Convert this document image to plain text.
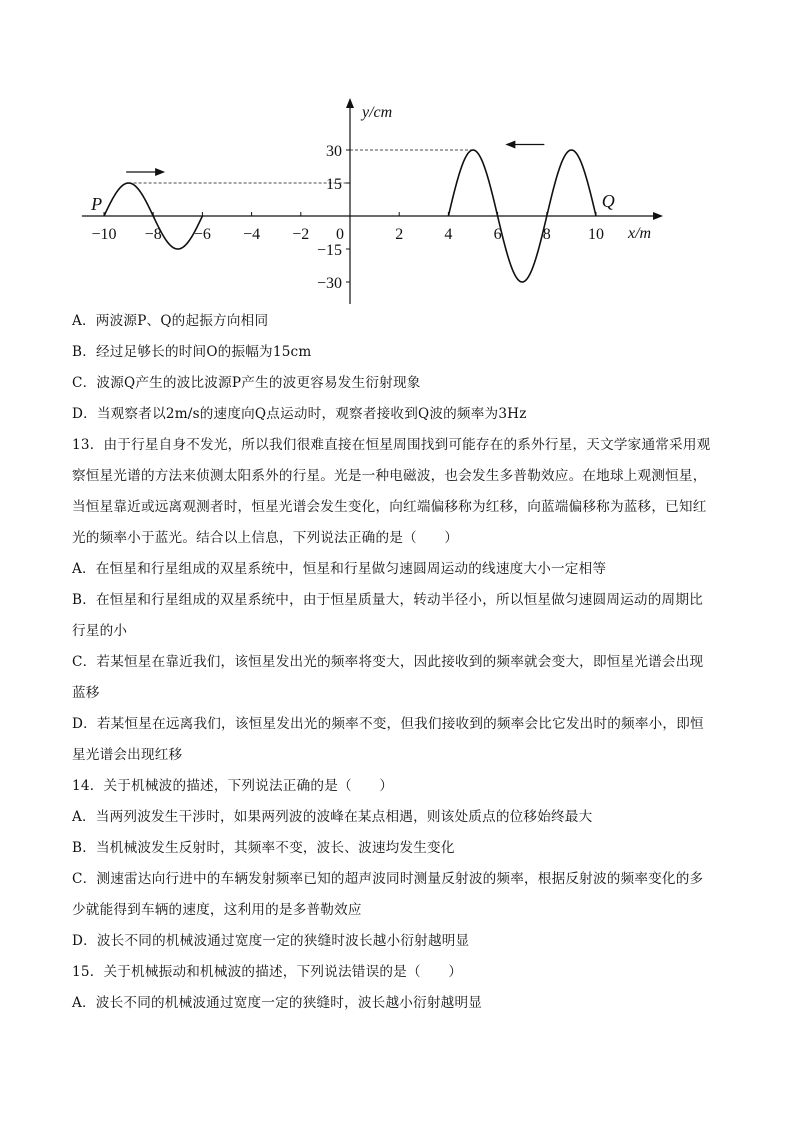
y/cm
x/m
−10 −8 −6 −4 −2 0	2	4	6	8 10
30
15
−15
−30
P	Q
A．两波源P、Q的起振方向相同
B．经过足够长的时间O的振幅为15cm
C．波源Q产生的波比波源P产生的波更容易发生衍射现象
D．当观察者以2m/s的速度向Q点运动时，观察者接收到Q波的频率为3Hz
13．由于行星自身不发光，所以我们很难直接在恒星周围找到可能存在的系外行星，天文学家通常采用观
察恒星光谱的方法来侦测太阳系外的行星。光是一种电磁波，也会发生多普勒效应。在地球上观测恒星，
当恒星靠近或远离观测者时，恒星光谱会发生变化，向红端偏移称为红移，向蓝端偏移称为蓝移，已知红
光的频率小于蓝光。结合以上信息，下列说法正确的是（　　）
A．在恒星和行星组成的双星系统中，恒星和行星做匀速圆周运动的线速度大小一定相等
B．在恒星和行星组成的双星系统中，由于恒星质量大，转动半径小，所以恒星做匀速圆周运动的周期比
行星的小
C．若某恒星在靠近我们，该恒星发出光的频率将变大，因此接收到的频率就会变大，即恒星光谱会出现
蓝移
D．若某恒星在远离我们，该恒星发出光的频率不变，但我们接收到的频率会比它发出时的频率小，即恒
星光谱会出现红移
14．关于机械波的描述，下列说法正确的是（　　）
A．当两列波发生干涉时，如果两列波的波峰在某点相遇，则该处质点的位移始终最大
B．当机械波发生反射时，其频率不变，波长、波速均发生变化
C．测速雷达向行进中的车辆发射频率已知的超声波同时测量反射波的频率，根据反射波的频率变化的多
少就能得到车辆的速度，这利用的是多普勒效应
D．波长不同的机械波通过宽度一定的狭缝时波长越小衍射越明显
15．关于机械振动和机械波的描述，下列说法错误的是（　　）
A．波长不同的机械波通过宽度一定的狭缝时，波长越小衍射越明显
